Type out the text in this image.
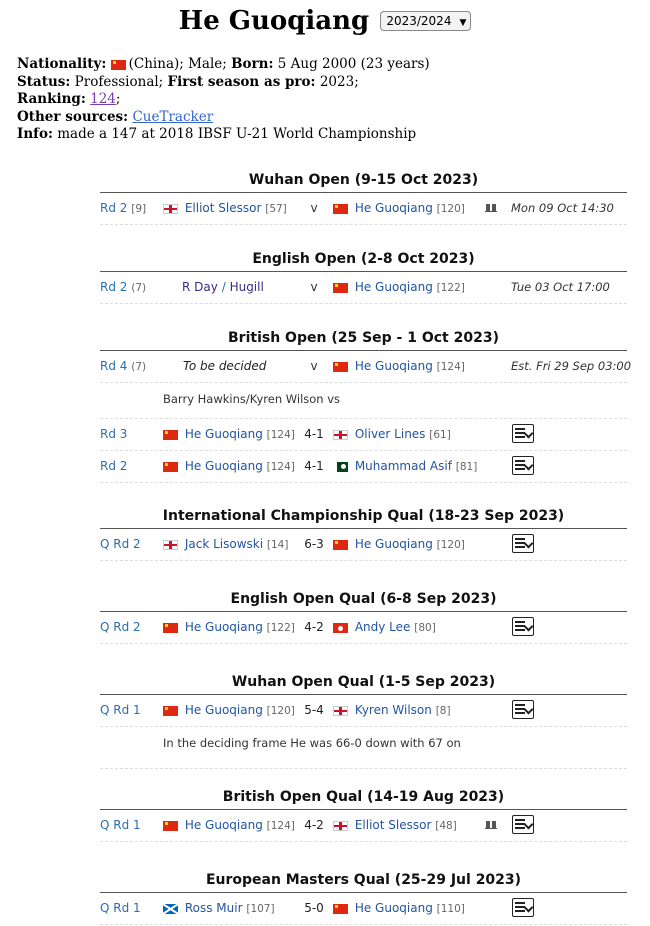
He Guoqiang 2023/2024 ▼
Nationality: (China); Male; Born: 5 Aug 2000 (23 years)
Status: Professional; First season as pro: 2023;
Ranking: 124;
Other sources: CueTracker
Info: made a 147 at 2018 IBSF U-21 World Championship
Wuhan Open (9-15 Oct 2023)
Rd 2 [9]	Elliot Slessor [57]	v	He Guoqiang [120]	Mon 09 Oct 14:30
English Open (2-8 Oct 2023)
Rd 2 (7)	R Day / Hugill	v	He Guoqiang [122]	Tue 03 Oct 17:00
British Open (25 Sep - 1 Oct 2023)
Rd 4 (7)	To be decided	v	He Guoqiang [124]	Est. Fri 29 Sep 03:00
Barry Hawkins/Kyren Wilson vs
Rd 3	He Guoqiang [124] 4-1	Oliver Lines [61]
Rd 2	He Guoqiang [124] 4-1	Muhammad Asif [81]
International Championship Qual (18-23 Sep 2023)
Q Rd 2	Jack Lisowski [14]	6-3	He Guoqiang [120]
English Open Qual (6-8 Sep 2023)
Q Rd 2	He Guoqiang [122] 4-2	Andy Lee [80]
Wuhan Open Qual (1-5 Sep 2023)
Q Rd 1	He Guoqiang [120] 5-4	Kyren Wilson [8]
In the deciding frame He was 66-0 down with 67 on
British Open Qual (14-19 Aug 2023)
Q Rd 1	He Guoqiang [124] 4-2	Elliot Slessor [48]
European Masters Qual (25-29 Jul 2023)
Q Rd 1	Ross Muir [107]	5-0	He Guoqiang [110]
